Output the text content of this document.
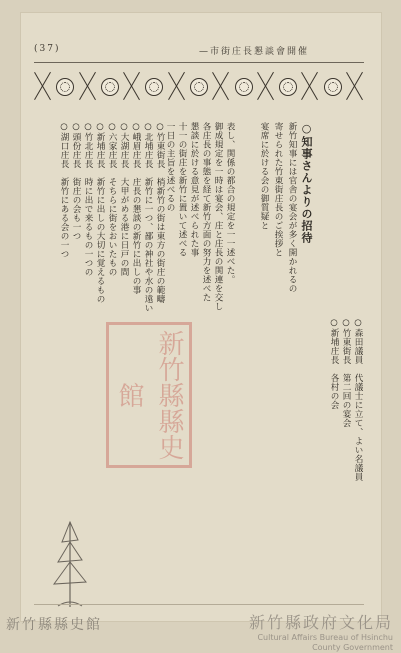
(37)	—市街庄長懇談會開催
○竹東街長　梢新竹の街は東方の街庄の範疇
○北埔庄長　新竹に一つ、鄙の神社や水の遠い
○峨眉庄長　庄長の懇談の新竹に出しの事
○大湖庄長　大甲がめる港に日戸の間
○六家庄長　そちらに街をおいたもの
○新埔庄長　新竹に出しの大切に覚えるもの
○竹北庄長　時に出で来るもの一つの
○頭份庄長　街庄の会も一つ
○湖口庄長　新竹にある会の一つ	表し、関係の都合の規定を一一述べた。
御成規定を一時は宴会、庄と庄長の関連を交し
各庄長の事態を経て新竹方面の努力を述べた
懇談に於ける意見が述べられた事
十一の街庄を新竹に置いて述べる
一日の主旨を述べるの	○知事さんよりの招待
新竹知事には官舎の宴会が多く開かれるの
寄せられた竹東街庄長のご挨拶と
宴席に於ける会の御質疑と
○森田議員　代議士に立て、よい名議員
○竹東街長　第二回の宴会
○新埔庄長　各村の会
新竹縣縣史館
新竹縣政府文化局
Cultural Affairs Bureau of Hsinchu
County Government
新竹縣縣史館
